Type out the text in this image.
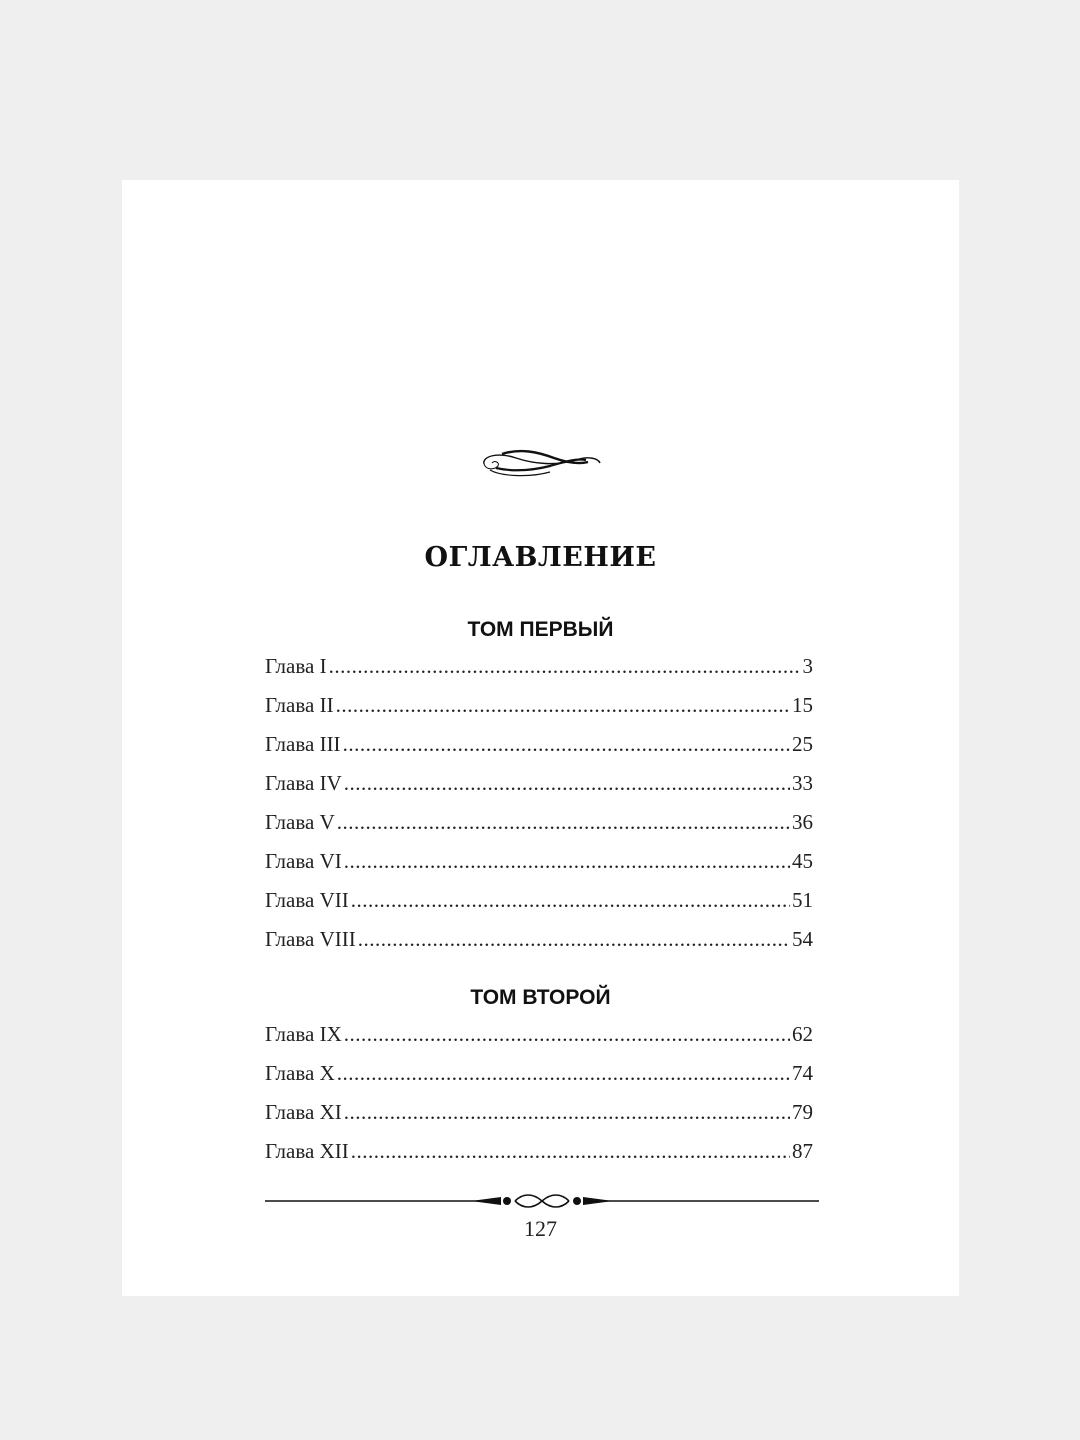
ОГЛАВЛЕНИЕ
ТОМ ПЕРВЫЙ
Глава I .....	3
Глава II .....	15
Глава III .....	25
Глава IV .....	33
Глава V .....	36
Глава VI .....	45
Глава VII .....	51
Глава VIII .....	54
ТОМ ВТОРОЙ
Глава IX .....	62
Глава X .....	74
Глава XI .....	79
Глава XII .....	87
127
